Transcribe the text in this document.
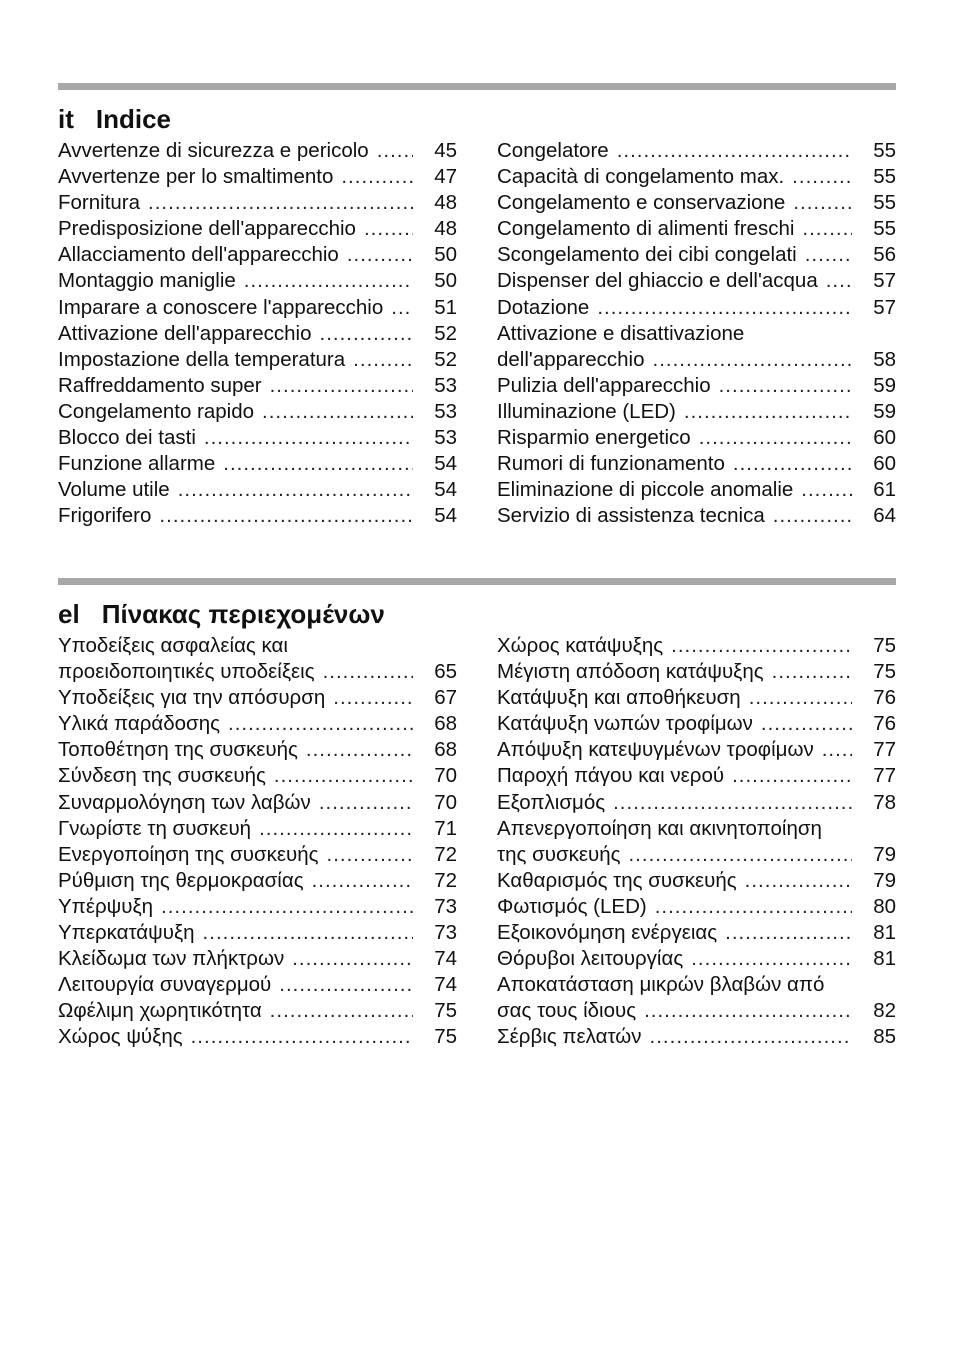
it Indice
Avvertenze di sicurezza e pericolo .....	45
Avvertenze per lo smaltimento .....	47
Fornitura .....	48
Predisposizione dell'apparecchio .....	48
Allacciamento dell'apparecchio .....	50
Montaggio maniglie .....	50
Imparare a conoscere l'apparecchio .....	51
Attivazione dell'apparecchio .....	52
Impostazione della temperatura .....	52
Raffreddamento super .....	53
Congelamento rapido .....	53
Blocco dei tasti .....	53
Funzione allarme .....	54
Volume utile .....	54
Frigorifero .....	54
Congelatore .....	55
Capacità di congelamento max. .....	55
Congelamento e conservazione .....	55
Congelamento di alimenti freschi .....	55
Scongelamento dei cibi congelati .....	56
Dispenser del ghiaccio e dell'acqua .....	57
Dotazione .....	57
Attivazione e disattivazione
dell'apparecchio .....	58
Pulizia dell'apparecchio .....	59
Illuminazione (LED) .....	59
Risparmio energetico .....	60
Rumori di funzionamento .....	60
Eliminazione di piccole anomalie .....	61
Servizio di assistenza tecnica .....	64
el Πίνακας περιεχομένων
Υποδείξεις ασφαλείας και
προειδοποιητικές υποδείξεις .....	65
Υποδείξεις για την απόσυρση .....	67
Υλικά παράδοσης .....	68
Τοποθέτηση της συσκευής .....	68
Σύνδεση της συσκευής .....	70
Συναρμολόγηση των λαβών .....	70
Γνωρίστε τη συσκευή .....	71
Ενεργοποίηση της συσκευής .....	72
Ρύθμιση της θερμοκρασίας .....	72
Υπέρψυξη .....	73
Υπερκατάψυξη .....	73
Κλείδωμα των πλήκτρων .....	74
Λειτουργία συναγερμού .....	74
Ωφέλιμη χωρητικότητα .....	75
Χώρος ψύξης .....	75
Χώρος κατάψυξης .....	75
Μέγιστη απόδοση κατάψυξης .....	75
Κατάψυξη και αποθήκευση .....	76
Κατάψυξη νωπών τροφίμων .....	76
Απόψυξη κατεψυγμένων τροφίμων .....	77
Παροχή πάγου και νερού .....	77
Εξοπλισμός .....	78
Απενεργοποίηση και ακινητοποίηση
της συσκευής .....	79
Καθαρισμός της συσκευής .....	79
Φωτισμός (LED) .....	80
Εξοικονόμηση ενέργειας .....	81
Θόρυβοι λειτουργίας .....	81
Αποκατάσταση μικρών βλαβών από
σας τους ίδιους .....	82
Σέρβις πελατών .....	85
